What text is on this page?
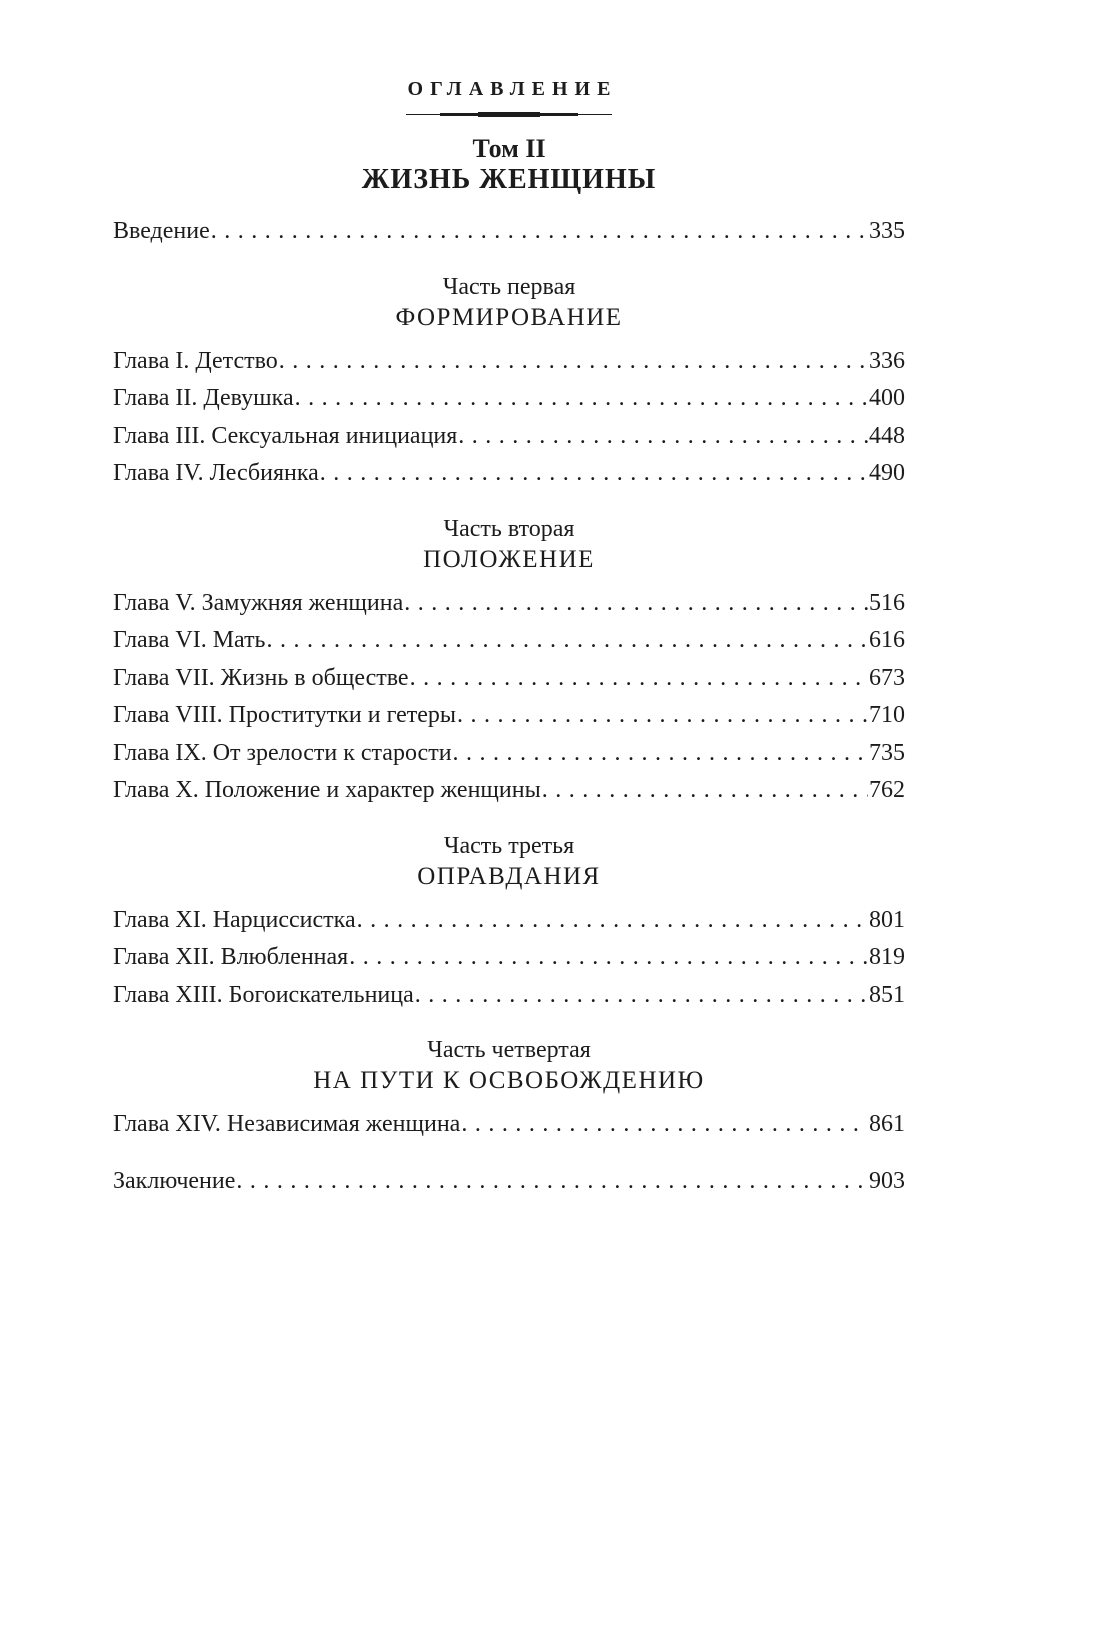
ОГЛАВЛЕНИЕ
Том II
ЖИЗНЬ ЖЕНЩИНЫ
Введение .....	335
Часть первая
ФОРМИРОВАНИЕ
Глава I. Детство .....	336
Глава II. Девушка .....	400
Глава III. Сексуальная инициация .....	448
Глава IV. Лесбиянка .....	490
Часть вторая
ПОЛОЖЕНИЕ
Глава V. Замужняя женщина .....	516
Глава VI. Мать .....	616
Глава VII. Жизнь в обществе .....	673
Глава VIII. Проститутки и гетеры .....	710
Глава IX. От зрелости к старости .....	735
Глава X. Положение и характер женщины .....	762
Часть третья
ОПРАВДАНИЯ
Глава XI. Нарциссистка .....	801
Глава XII. Влюбленная .....	819
Глава XIII. Богоискательница .....	851
Часть четвертая
НА ПУТИ К ОСВОБОЖДЕНИЮ
Глава XIV. Независимая женщина .....	861
Заключение .....	903
